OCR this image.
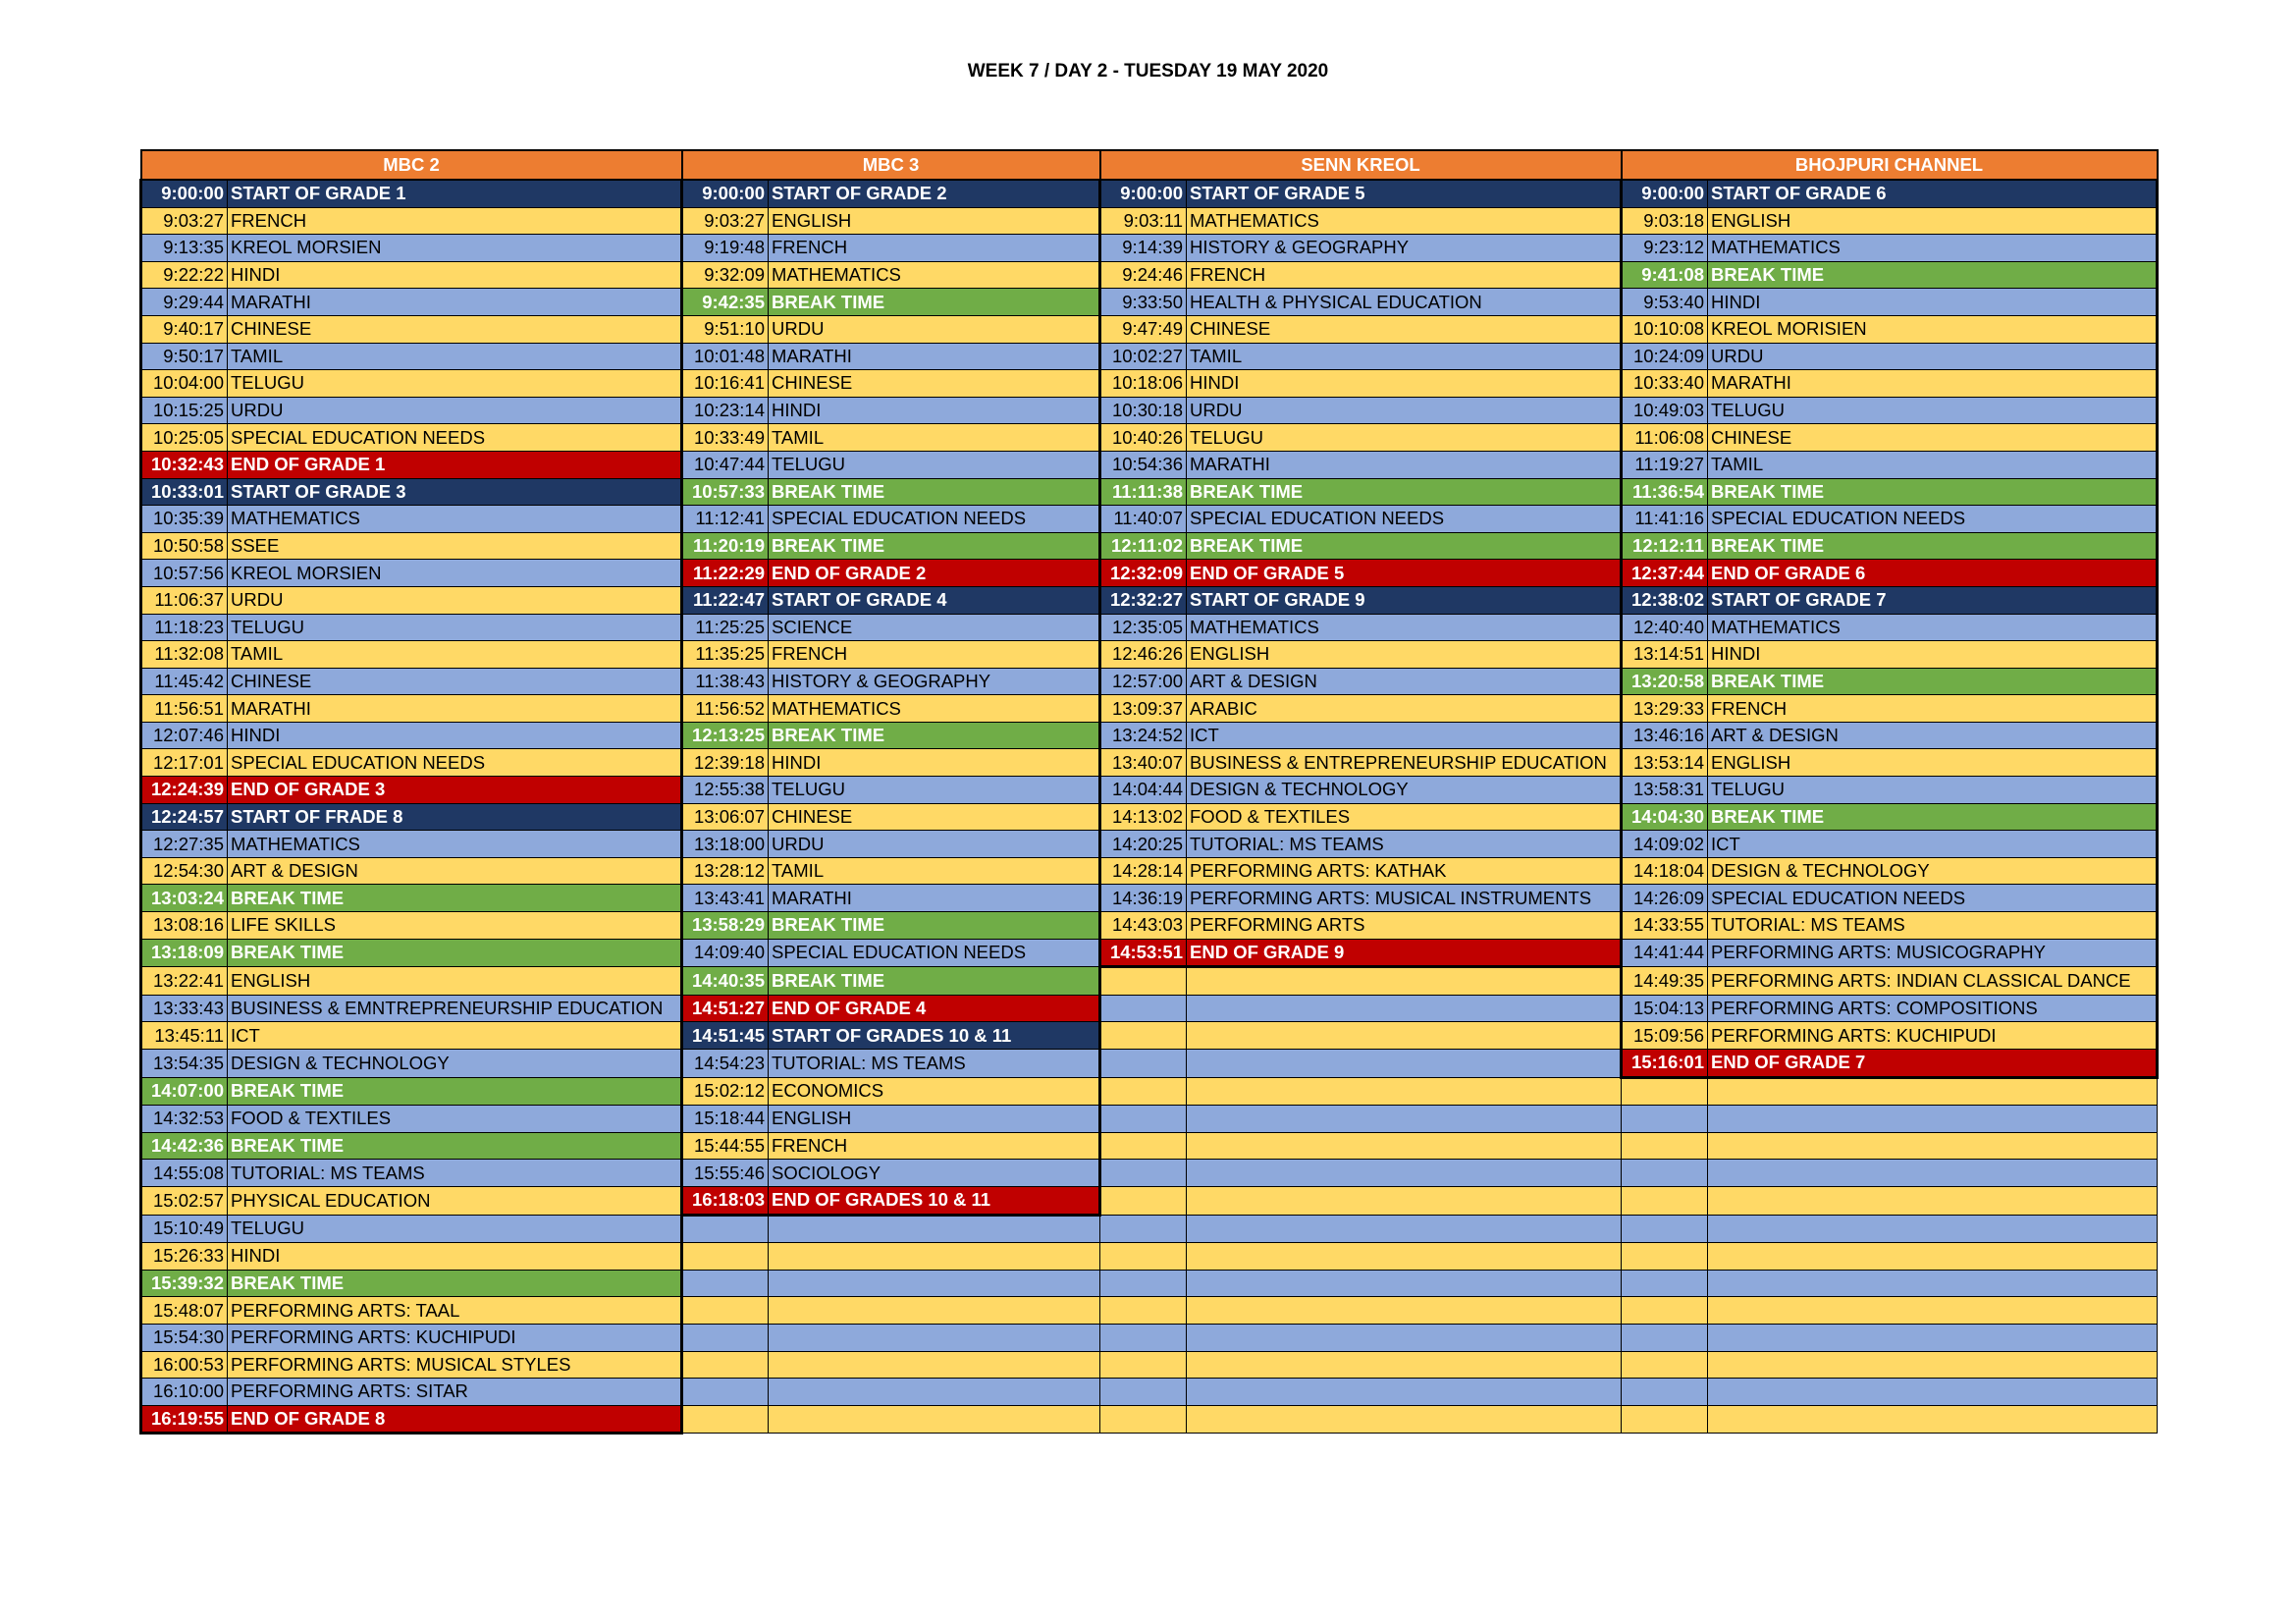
WEEK 7 / DAY 2 - TUESDAY 19 MAY 2020
MBC 2		MBC 3		SENN KREOL		BHOJPURI CHANNEL	
9:00:00	START OF GRADE 1	9:00:00	START OF GRADE 2	9:00:00	START OF GRADE 5	9:00:00	START OF GRADE 6
9:03:27	FRENCH	9:03:27	ENGLISH	9:03:11	MATHEMATICS	9:03:18	ENGLISH
9:13:35	KREOL MORSIEN	9:19:48	FRENCH	9:14:39	HISTORY & GEOGRAPHY	9:23:12	MATHEMATICS
9:22:22	HINDI	9:32:09	MATHEMATICS	9:24:46	FRENCH	9:41:08	BREAK TIME
9:29:44	MARATHI	9:42:35	BREAK TIME	9:33:50	HEALTH & PHYSICAL EDUCATION	9:53:40	HINDI
9:40:17	CHINESE	9:51:10	URDU	9:47:49	CHINESE	10:10:08	KREOL MORISIEN
9:50:17	TAMIL	10:01:48	MARATHI	10:02:27	TAMIL	10:24:09	URDU
10:04:00	TELUGU	10:16:41	CHINESE	10:18:06	HINDI	10:33:40	MARATHI
10:15:25	URDU	10:23:14	HINDI	10:30:18	URDU	10:49:03	TELUGU
10:25:05	SPECIAL EDUCATION NEEDS	10:33:49	TAMIL	10:40:26	TELUGU	11:06:08	CHINESE
10:32:43	END OF GRADE 1	10:47:44	TELUGU	10:54:36	MARATHI	11:19:27	TAMIL
10:33:01	START OF GRADE 3	10:57:33	BREAK TIME	11:11:38	BREAK TIME	11:36:54	BREAK TIME
10:35:39	MATHEMATICS	11:12:41	SPECIAL EDUCATION NEEDS	11:40:07	SPECIAL EDUCATION NEEDS	11:41:16	SPECIAL EDUCATION NEEDS
10:50:58	SSEE	11:20:19	BREAK TIME	12:11:02	BREAK TIME	12:12:11	BREAK TIME
10:57:56	KREOL MORSIEN	11:22:29	END OF GRADE 2	12:32:09	END OF GRADE 5	12:37:44	END OF GRADE 6
11:06:37	URDU	11:22:47	START OF GRADE 4	12:32:27	START OF GRADE 9	12:38:02	START OF GRADE 7
11:18:23	TELUGU	11:25:25	SCIENCE	12:35:05	MATHEMATICS	12:40:40	MATHEMATICS
11:32:08	TAMIL	11:35:25	FRENCH	12:46:26	ENGLISH	13:14:51	HINDI
11:45:42	CHINESE	11:38:43	HISTORY & GEOGRAPHY	12:57:00	ART & DESIGN	13:20:58	BREAK TIME
11:56:51	MARATHI	11:56:52	MATHEMATICS	13:09:37	ARABIC	13:29:33	FRENCH
12:07:46	HINDI	12:13:25	BREAK TIME	13:24:52	ICT	13:46:16	ART & DESIGN
12:17:01	SPECIAL EDUCATION NEEDS	12:39:18	HINDI	13:40:07	BUSINESS & ENTREPRENEURSHIP EDUCATION	13:53:14	ENGLISH
12:24:39	END OF GRADE 3	12:55:38	TELUGU	14:04:44	DESIGN & TECHNOLOGY	13:58:31	TELUGU
12:24:57	START OF FRADE 8	13:06:07	CHINESE	14:13:02	FOOD & TEXTILES	14:04:30	BREAK TIME
12:27:35	MATHEMATICS	13:18:00	URDU	14:20:25	TUTORIAL: MS TEAMS	14:09:02	ICT
12:54:30	ART & DESIGN	13:28:12	TAMIL	14:28:14	PERFORMING ARTS: KATHAK	14:18:04	DESIGN & TECHNOLOGY
13:03:24	BREAK TIME	13:43:41	MARATHI	14:36:19	PERFORMING ARTS: MUSICAL INSTRUMENTS	14:26:09	SPECIAL EDUCATION NEEDS
13:08:16	LIFE SKILLS	13:58:29	BREAK TIME	14:43:03	PERFORMING ARTS	14:33:55	TUTORIAL: MS TEAMS
13:18:09	BREAK TIME	14:09:40	SPECIAL EDUCATION NEEDS	14:53:51	END OF GRADE 9	14:41:44	PERFORMING ARTS: MUSICOGRAPHY
13:22:41	ENGLISH	14:40:35	BREAK TIME			14:49:35	PERFORMING ARTS: INDIAN CLASSICAL DANCE
13:33:43	BUSINESS & EMNTREPRENEURSHIP EDUCATION	14:51:27	END OF GRADE 4			15:04:13	PERFORMING ARTS: COMPOSITIONS
13:45:11	ICT	14:51:45	START OF GRADES 10 & 11			15:09:56	PERFORMING ARTS: KUCHIPUDI
13:54:35	DESIGN & TECHNOLOGY	14:54:23	TUTORIAL: MS TEAMS			15:16:01	END OF GRADE 7
14:07:00	BREAK TIME	15:02:12	ECONOMICS				
14:32:53	FOOD & TEXTILES	15:18:44	ENGLISH				
14:42:36	BREAK TIME	15:44:55	FRENCH				
14:55:08	TUTORIAL: MS TEAMS	15:55:46	SOCIOLOGY				
15:02:57	PHYSICAL EDUCATION	16:18:03	END OF GRADES 10 & 11				
15:10:49	TELUGU						
15:26:33	HINDI						
15:39:32	BREAK TIME						
15:48:07	PERFORMING ARTS: TAAL						
15:54:30	PERFORMING ARTS: KUCHIPUDI						
16:00:53	PERFORMING ARTS: MUSICAL STYLES						
16:10:00	PERFORMING ARTS: SITAR						
16:19:55	END OF GRADE 8						
